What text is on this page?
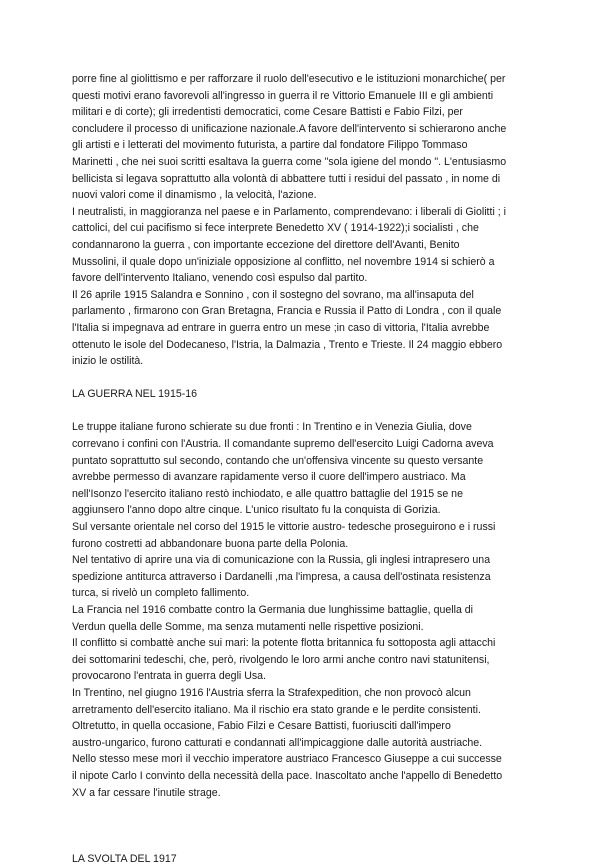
porre fine al giolittismo e per rafforzare il ruolo dell'esecutivo e le istituzioni monarchiche( per
questi motivi erano favorevoli all'ingresso in guerra il re Vittorio Emanuele III e gli ambienti
militari e di corte); gli irredentisti democratici, come Cesare Battisti e Fabio Filzi, per
concludere il processo di unificazione nazionale.A favore dell'intervento si schierarono anche
gli artisti e i letterati del movimento futurista, a partire dal fondatore Filippo Tommaso
Marinetti , che nei suoi scritti esaltava la guerra come "sola igiene del mondo ". L'entusiasmo
bellicista si legava soprattutto alla volontà di abbattere tutti i residui del passato , in nome di
nuovi valori come il dinamismo , la velocità, l'azione.
I neutralisti, in maggioranza nel paese e in Parlamento, comprendevano: i liberali di Giolitti ; i
cattolici, del cui pacifismo si fece interprete Benedetto XV ( 1914-1922);i socialisti , che
condannarono la guerra , con importante eccezione del direttore dell'Avanti, Benito
Mussolini, il quale dopo un'iniziale opposizione al conflitto, nel novembre 1914 si schierò a
favore dell'intervento Italiano, venendo così espulso dal partito.
Il 26 aprile 1915 Salandra e Sonnino , con il sostegno del sovrano, ma all'insaputa del
parlamento , firmarono con Gran Bretagna, Francia e Russia il Patto di Londra , con il quale
l'Italia si impegnava ad entrare in guerra entro un mese ;in caso di vittoria, l'Italia avrebbe
ottenuto le isole del Dodecaneso, l'Istria, la Dalmazia , Trento e Trieste. Il 24 maggio ebbero
inizio le ostilità.
LA GUERRA NEL 1915-16
Le truppe italiane furono schierate su due fronti : In Trentino e in Venezia Giulia, dove
correvano i confini con l'Austria. Il comandante supremo dell'esercito Luigi Cadorna aveva
puntato soprattutto sul secondo, contando che un'offensiva vincente su questo versante
avrebbe permesso di avanzare rapidamente verso il cuore dell'impero austriaco. Ma
nell'Isonzo l'esercito italiano restò inchiodato, e alle quattro battaglie del 1915 se ne
aggiunsero l'anno dopo altre cinque. L'unico risultato fu la conquista di Gorizia.
Sul versante orientale nel corso del 1915 le vittorie austro- tedesche proseguirono e i russi
furono costretti ad abbandonare buona parte della Polonia.
Nel tentativo di aprire una via di comunicazione con la Russia, gli inglesi intrapresero una
spedizione antiturca attraverso i Dardanelli ,ma l'impresa, a causa dell'ostinata resistenza
turca, si rivelò un completo fallimento.
La Francia nel 1916 combatte contro la Germania due lunghissime battaglie, quella di
Verdun quella delle Somme, ma senza mutamenti nelle rispettive posizioni.
Il conflitto si combattè anche sui mari: la potente flotta britannica fu sottoposta agli attacchi
dei sottomarini tedeschi, che, però, rivolgendo le loro armi anche contro navi statunitensi,
provocarono l'entrata in guerra degli Usa.
In Trentino, nel giugno 1916 l'Austria sferra la Strafexpedition, che non provocò alcun
arretramento dell'esercito italiano. Ma il rischio era stato grande e le perdite consistenti.
Oltretutto, in quella occasione, Fabio Filzi e Cesare Battisti, fuoriusciti dall'impero
austro-ungarico, furono catturati e condannati all'impicaggione dalle autorità austriache.
Nello stesso mese morì il vecchio imperatore austriaco Francesco Giuseppe a cui successe
il nipote Carlo I convinto della necessità della pace. Inascoltato anche l'appello di Benedetto
XV a far cessare l'inutile strage.
LA SVOLTA DEL 1917
